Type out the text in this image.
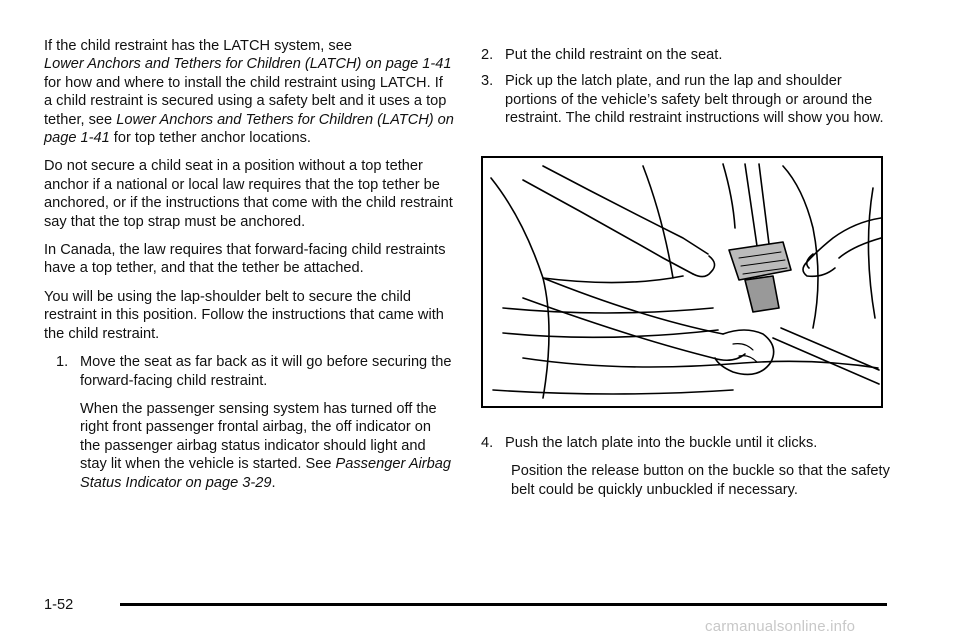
If the child restraint has the LATCH system, see
Lower Anchors and Tethers for Children (LATCH) on page 1-41 for how and where to install the child restraint using LATCH. If a child restraint is secured using a safety belt and it uses a top tether, see Lower Anchors and Tethers for Children (LATCH) on page 1-41 for top tether anchor locations.

Do not secure a child seat in a position without a top tether anchor if a national or local law requires that the top tether be anchored, or if the instructions that come with the child restraint say that the top strap must be anchored.

In Canada, the law requires that forward-facing child restraints have a top tether, and that the tether be attached.

You will be using the lap-shoulder belt to secure the child restraint in this position. Follow the instructions that came with the child restraint.

1. Move the seat as far back as it will go before securing the forward-facing child restraint.

When the passenger sensing system has turned off the right front passenger frontal airbag, the off indicator on the passenger airbag status indicator should light and stay lit when the vehicle is started. See Passenger Airbag Status Indicator on page 3-29.

2. Put the child restraint on the seat.
3. Pick up the latch plate, and run the lap and shoulder portions of the vehicle’s safety belt through or around the restraint. The child restraint instructions will show you how.
4. Push the latch plate into the buckle until it clicks.

Position the release button on the buckle so that the safety belt could be quickly unbuckled if necessary.

1-52
carmanualsonline.info
